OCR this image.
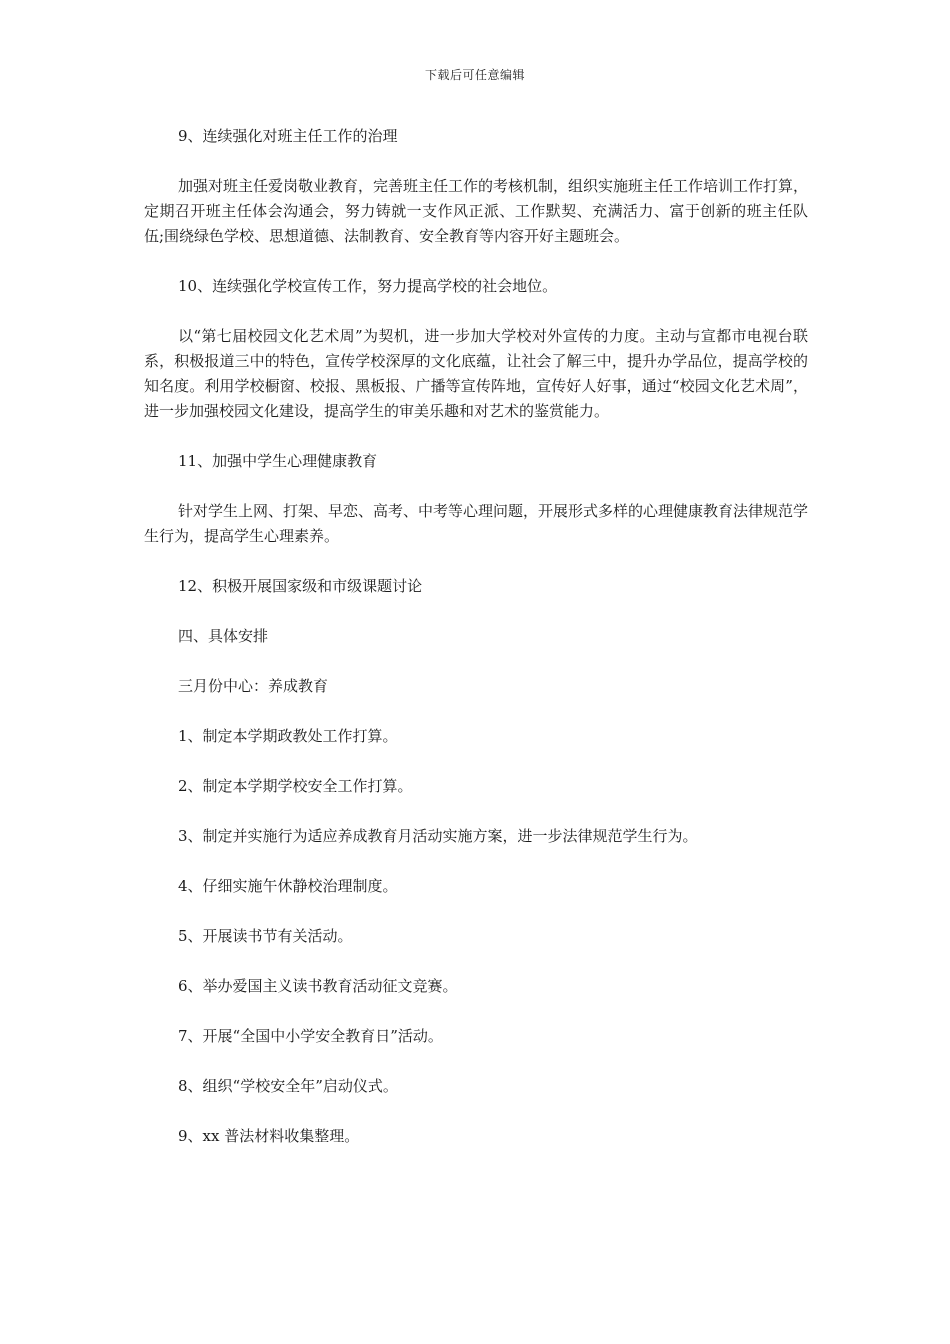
下载后可任意编辑

9、连续强化对班主任工作的治理

加强对班主任爱岗敬业教育，完善班主任工作的考核机制，组织实施班主任工作培训工作打算，定期召开班主任体会沟通会，努力铸就一支作风正派、工作默契、充满活力、富于创新的班主任队伍;围绕绿色学校、思想道德、法制教育、安全教育等内容开好主题班会。

10、连续强化学校宣传工作，努力提高学校的社会地位。

以“第七届校园文化艺术周”为契机，进一步加大学校对外宣传的力度。主动与宣都市电视台联系，积极报道三中的特色，宣传学校深厚的文化底蕴，让社会了解三中，提升办学品位，提高学校的知名度。利用学校橱窗、校报、黑板报、广播等宣传阵地，宣传好人好事，通过“校园文化艺术周”，进一步加强校园文化建设，提高学生的审美乐趣和对艺术的鉴赏能力。

11、加强中学生心理健康教育

针对学生上网、打架、早恋、高考、中考等心理问题，开展形式多样的心理健康教育法律规范学生行为，提高学生心理素养。

12、积极开展国家级和市级课题讨论

四、具体安排

三月份中心：养成教育

1、制定本学期政教处工作打算。

2、制定本学期学校安全工作打算。

3、制定并实施行为适应养成教育月活动实施方案，进一步法律规范学生行为。

4、仔细实施午休静校治理制度。

5、开展读书节有关活动。

6、举办爱国主义读书教育活动征文竞赛。

7、开展“全国中小学安全教育日”活动。

8、组织“学校安全年”启动仪式。

9、xx 普法材料收集整理。
